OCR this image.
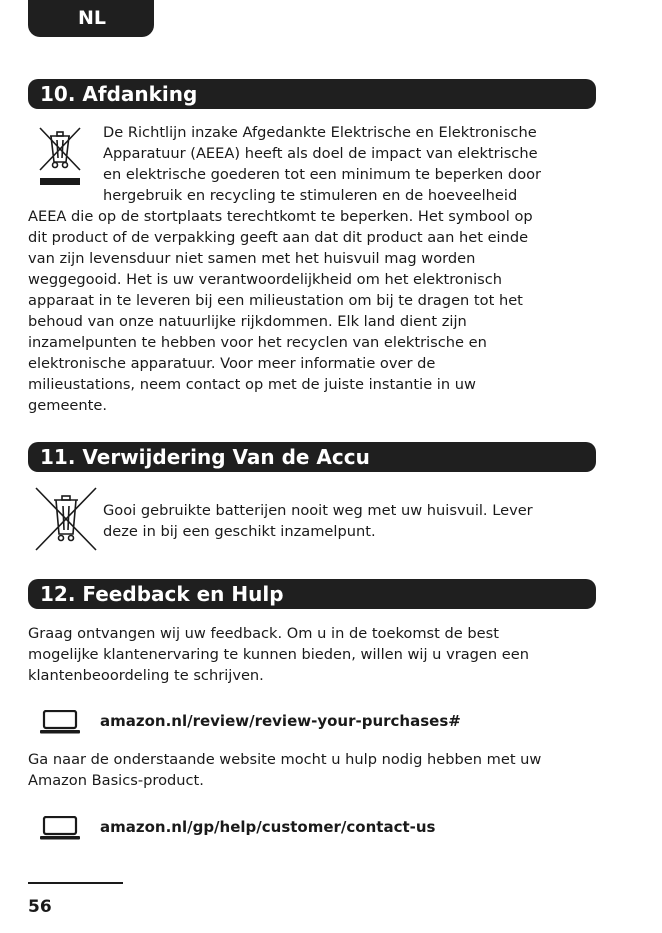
NL
10. Afdanking
De Richtlijn inzake Afgedankte Elektrische en Elektronische
Apparatuur (AEEA) heeft als doel de impact van elektrische
en elektrische goederen tot een minimum te beperken door
hergebruik en recycling te stimuleren en de hoeveelheid
AEEA die op de stortplaats terechtkomt te beperken. Het symbool op
dit product of de verpakking geeft aan dat dit product aan het einde
van zijn levensduur niet samen met het huisvuil mag worden
weggegooid. Het is uw verantwoordelijkheid om het elektronisch
apparaat in te leveren bij een milieustation om bij te dragen tot het
behoud van onze natuurlijke rijkdommen. Elk land dient zijn
inzamelpunten te hebben voor het recyclen van elektrische en
elektronische apparatuur. Voor meer informatie over de
milieustations, neem contact op met de juiste instantie in uw
gemeente.
11. Verwijdering Van de Accu
Gooi gebruikte batterijen nooit weg met uw huisvuil. Lever
deze in bij een geschikt inzamelpunt.
12. Feedback en Hulp
Graag ontvangen wij uw feedback. Om u in de toekomst de best
mogelijke klantenervaring te kunnen bieden, willen wij u vragen een
klantenbeoordeling te schrijven.
amazon.nl/review/review-your-purchases#
Ga naar de onderstaande website mocht u hulp nodig hebben met uw
Amazon Basics-product.
amazon.nl/gp/help/customer/contact-us
56
